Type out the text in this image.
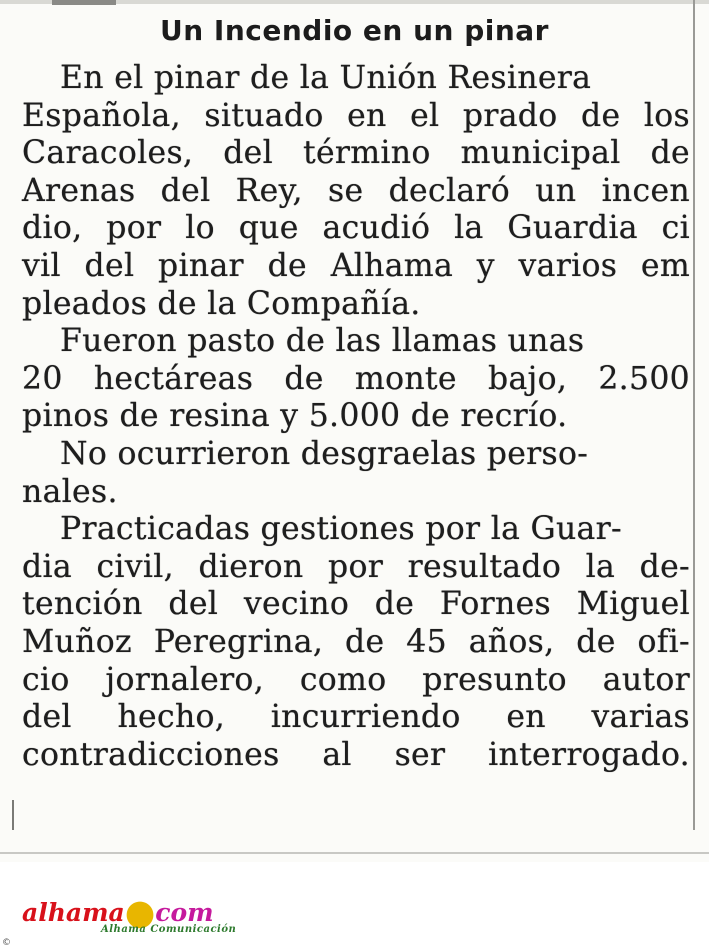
Un Incendio en un pinar
En el pinar de la Unión Resinera
Española, situado en el prado de los
Caracoles, del término municipal de
Arenas del Rey, se declaró un incen
dio, por lo que acudió la Guardia ci
vil del pinar de Alhama y varios em
pleados de la Compañía.
Fueron pasto de las llamas unas
20 hectáreas de monte bajo, 2.500
pinos de resina y 5.000 de recrío.
No ocurrieron desgraelas perso-
nales.
Practicadas gestiones por la Guar-
dia civil, dieron por resultado la de-
tención del vecino de Fornes Miguel
Muñoz Peregrina, de 45 años, de ofi-
cio jornalero, como presunto autor
del hecho, incurriendo en varias
contradicciones al ser interrogado.
alhama●com
Alhama Comunicación
©
